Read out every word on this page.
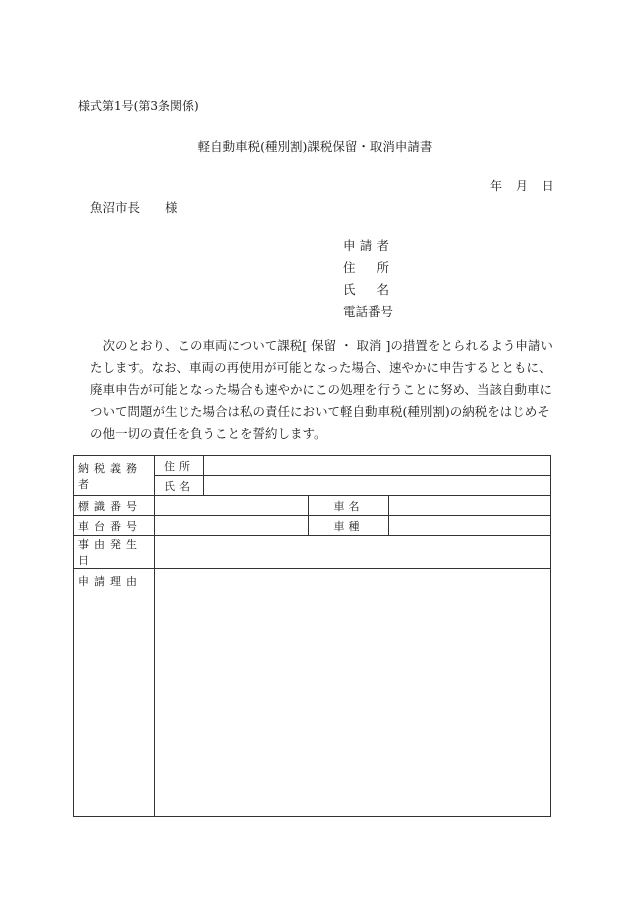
様式第1号(第3条関係)
軽自動車税(種別割)課税保留・取消申請書
年 月 日
魚沼市長　　様
申請者
住所
氏名
電話番号
次のとおり、この車両について課税[ 保留 ・ 取消 ]の措置をとられるよう申請いたします。なお、車両の再使用が可能となった場合、速やかに申告するとともに、廃車申告が可能となった場合も速やかにこの処理を行うことに努め、当該自動車について問題が生じた場合は私の責任において軽自動車税(種別割)の納税をはじめその他一切の責任を負うことを誓約します。
納税義務者	住所			
	氏名			
標識番号			車名	
車台番号			車種	
事由発生日				
申請理由				
